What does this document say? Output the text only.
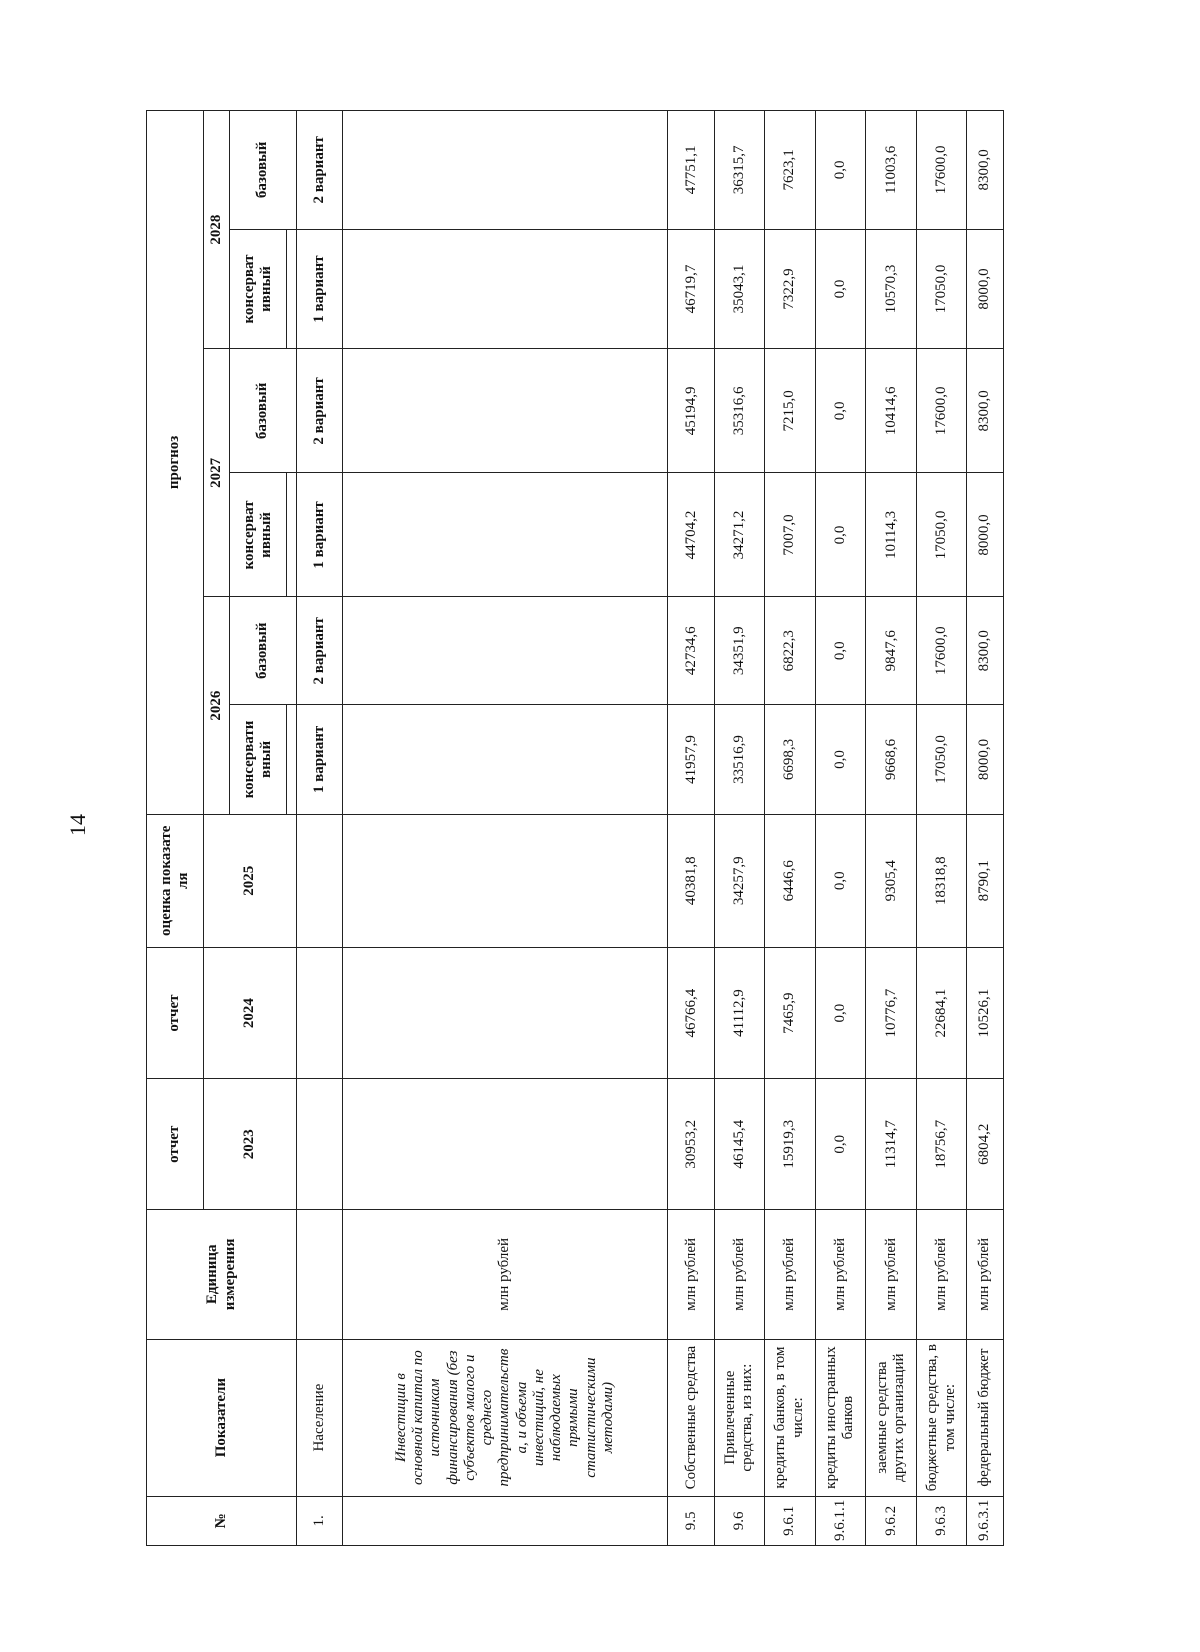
14
№	Показатели	Единица измерения	отчет	отчет	оценка показате ля	прогноз					
			2023	2024	2025	2026		2027		2028	
						консервати вный	базовый	консерват ивный	базовый	консерват ивный	базовый

1.	Население					1 вариант	2 вариант	1 вариант	2 вариант	1 вариант	2 вариант
	Инвестиции в основной капитал по источникам финансирования (без субъектов малого и среднего предпринимательств а, и объема инвестиций, не наблюдаемых прямыми статистическими методами)	млн рублей									
9.5	Собственные средства	млн рублей	30953,2	46766,4	40381,8	41957,9	42734,6	44704,2	45194,9	46719,7	47751,1
9.6	Привлеченные средства, из них:	млн рублей	46145,4	41112,9	34257,9	33516,9	34351,9	34271,2	35316,6	35043,1	36315,7
9.6.1	кредиты банков, в том числе:	млн рублей	15919,3	7465,9	6446,6	6698,3	6822,3	7007,0	7215,0	7322,9	7623,1
9.6.1.1	кредиты иностранных банков	млн рублей	0,0	0,0	0,0	0,0	0,0	0,0	0,0	0,0	0,0
9.6.2	заемные средства других организаций	млн рублей	11314,7	10776,7	9305,4	9668,6	9847,6	10114,3	10414,6	10570,3	11003,6
9.6.3	бюджетные средства, в том числе:	млн рублей	18756,7	22684,1	18318,8	17050,0	17600,0	17050,0	17600,0	17050,0	17600,0
9.6.3.1	федеральный бюджет	млн рублей	6804,2	10526,1	8790,1	8000,0	8300,0	8000,0	8300,0	8000,0	8300,0
